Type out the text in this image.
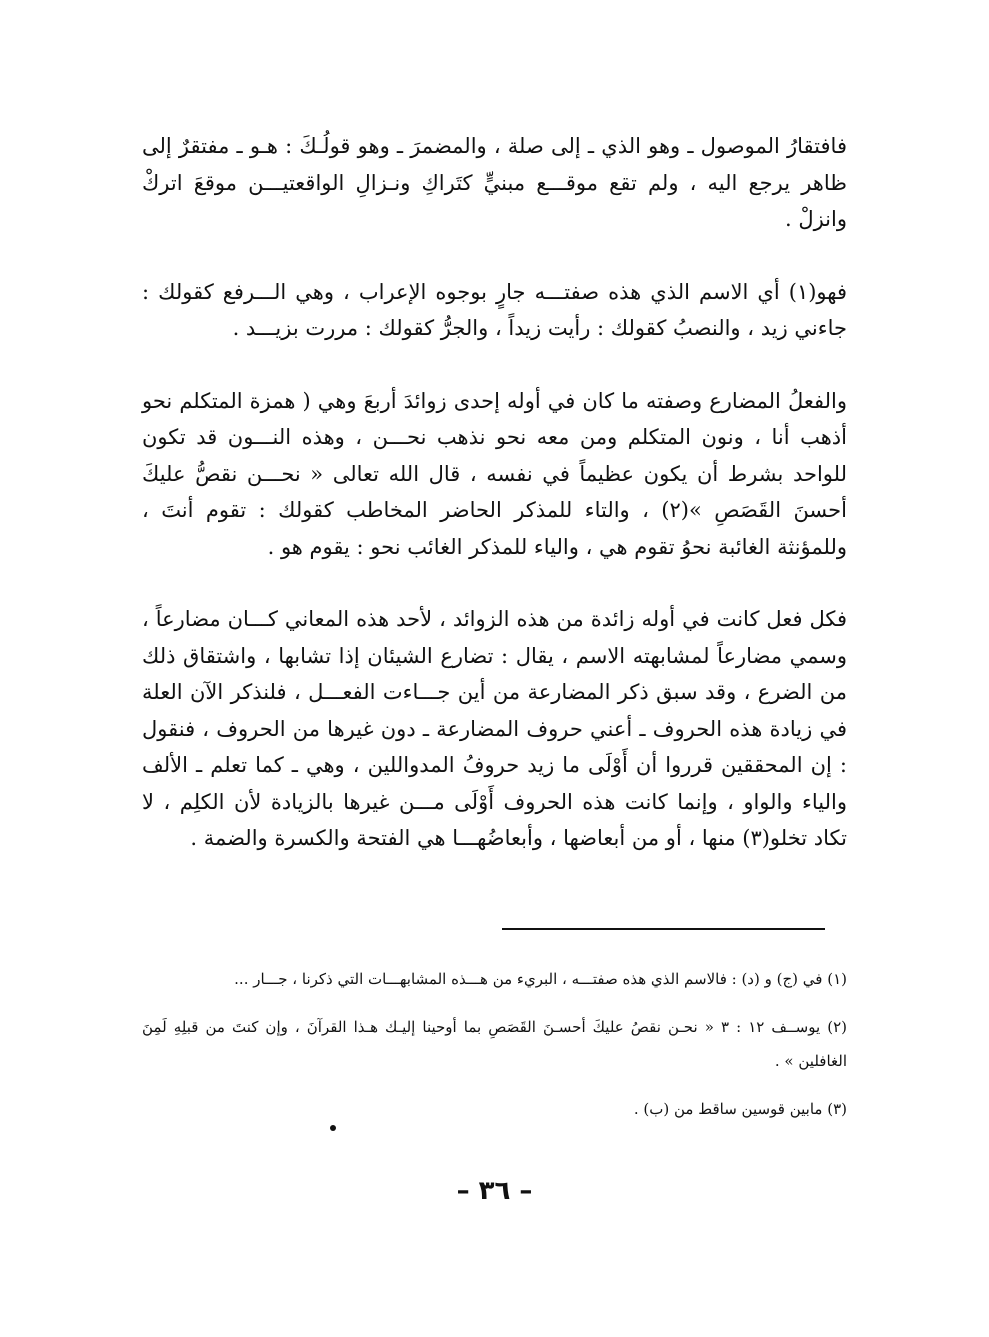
فافتقارُ الموصول ـ وهو الذي ـ إلى صلة ، والمضمرَ ـ وهو قولُـكَ : هـو ـ مفتقرٌ إلى ظاهر يرجع اليه ، ولم تقع موقـــع مبنيٍّ كتَراكِ ونـزالِ الواقعتيـــن موقعَ اتركْ وانزلْ .

فهو(١) أي الاسم الذي هذه صفتـــه جارٍ بوجوه الإعراب ، وهي الـــرفع كقولك : جاءني زيد ، والنصبُ كقولك : رأيت زيداً ، والجرُّ كقولك : مررت بزيـــد .

والفعلُ المضارع وصفته ما كان في أوله إحدى زوائدَ أربعَ وهي ( همزة المتكلم نحو أذهب أنا ، ونون المتكلم ومن معه نحو نذهب نحـــن ، وهذه النـــون قد تكون للواحد بشرط أن يكون عظيماً في نفسه ، قال الله تعالى « نحـــن نقصُّ عليكَ أحسنَ القَصَصِ »(٢) ، والتاء للمذكر الحاضر المخاطب كقولك : تقوم أنتَ ، وللمؤنثة الغائبة نحوُ تقوم هي ، والياء للمذكر الغائب نحو : يقوم هو .

فكل فعل كانت في أوله زائدة من هذه الزوائد ، لأحد هذه المعاني كـــان مضارعاً ، وسمي مضارعاً لمشابهته الاسم ، يقال : تضارع الشيئان إذا تشابها ، واشتقاق ذلك من الضرع ، وقد سبق ذكر المضارعة من أين جـــاءت الفعـــل ، فلنذكر الآن العلة في زيادة هذه الحروف ـ أعني حروف المضارعة ـ دون غيرها من الحروف ، فنقول : إن المحققين قرروا أن أَوْلَى ما زيد حروفُ المدواللين ، وهي ـ كما تعلم ـ الألف والياء والواو ، وإنما كانت هذه الحروف أَوْلَى مـــن غيرها بالزيادة لأن الكلِم ، لا تكاد تخلو(٣) منها ، أو من أبعاضها ، وأبعاضُهـــا هي الفتحة والكسرة والضمة .

(١) في (ج) و (د) : فالاسم الذي هذه صفتـــه ، البريء من هـــذه المشابهـــات التي ذكرنا ، جـــار ...

(٢) يوســف ١٢ : ٣ « نحـن نقصُ عليكَ أحسـنَ القَصَصِ بما أوحينا إليـك هـذا القرآنَ ، وإن كنتَ من قبلِهِ لَمِنَ الغافلين » .

(٣) مابين قوسين ساقط من (ب) .

– ٣٦ –
